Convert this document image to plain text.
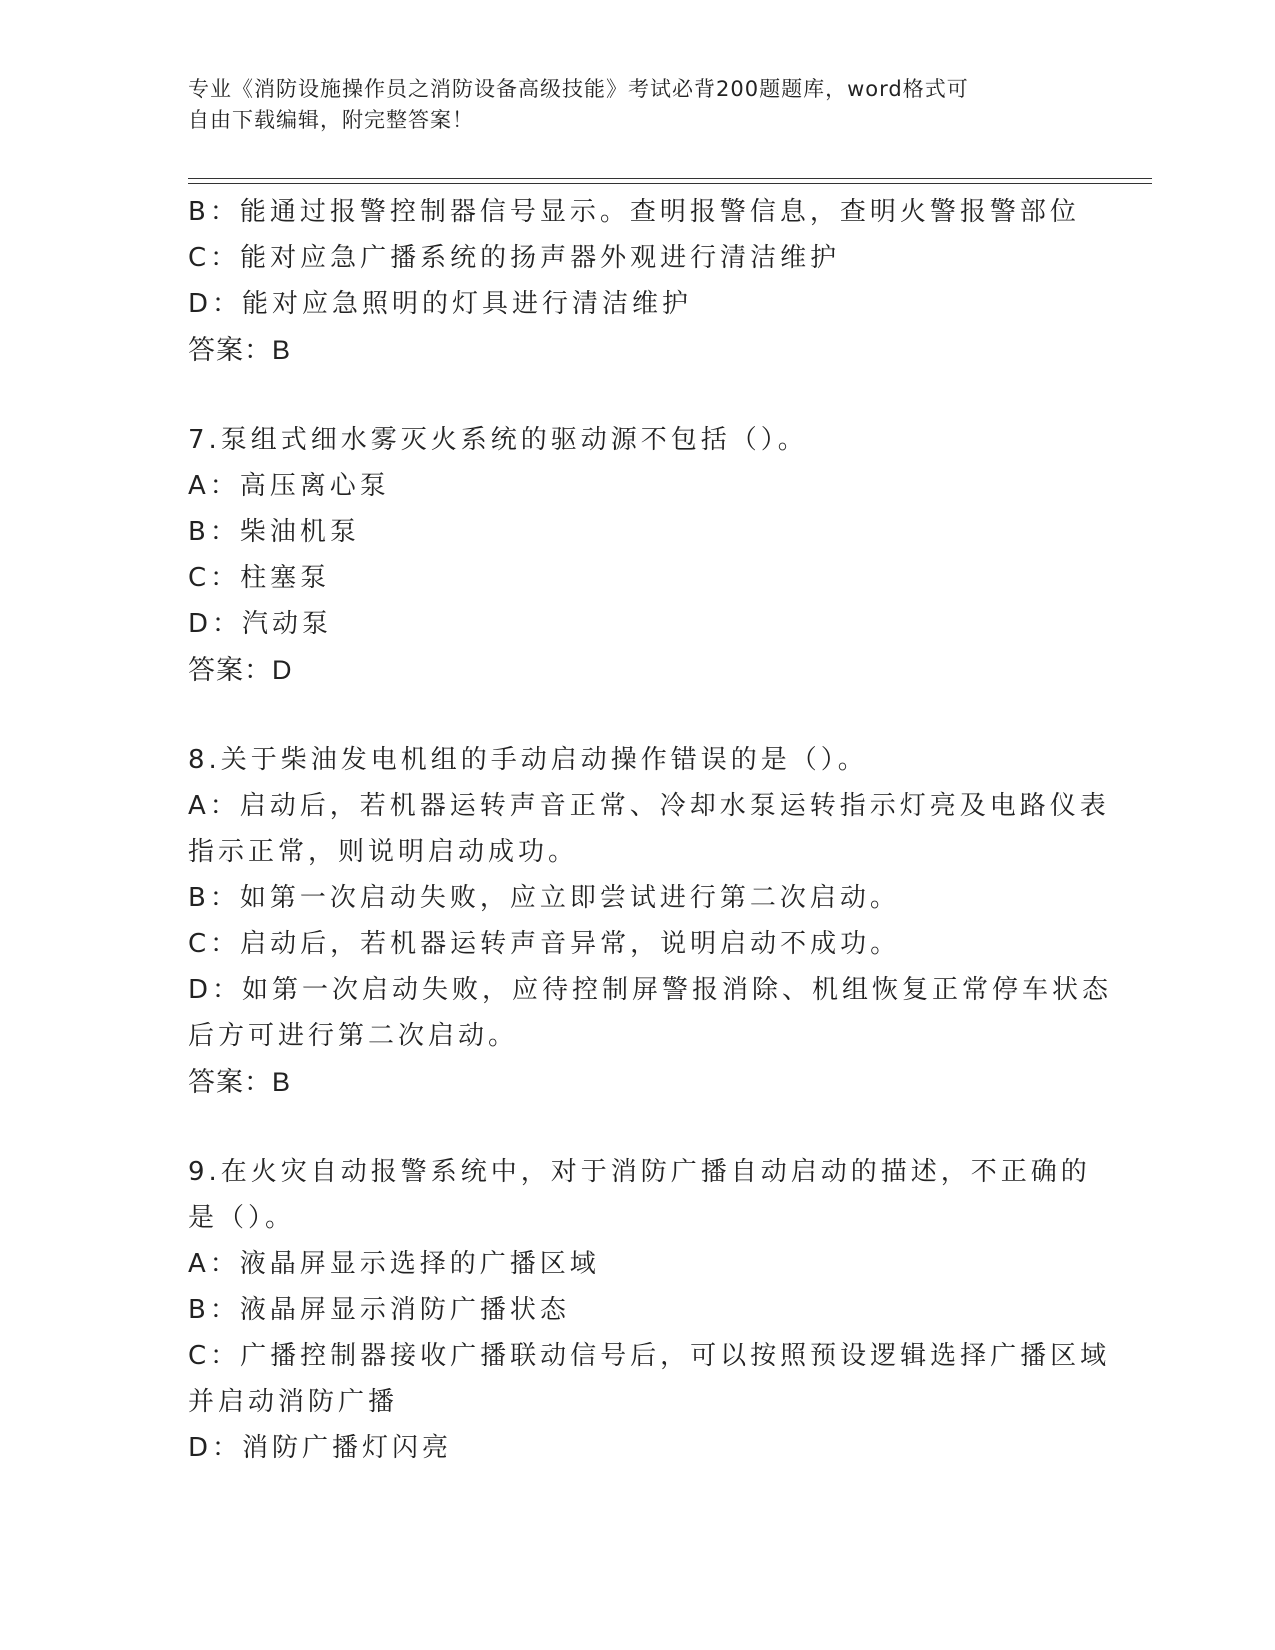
专业《消防设施操作员之消防设备高级技能》考试必背200题题库，word格式可
自由下载编辑，附完整答案！
B：能通过报警控制器信号显示。查明报警信息，查明火警报警部位
C：能对应急广播系统的扬声器外观进行清洁维护
D：能对应急照明的灯具进行清洁维护
答案：B
7.泵组式细水雾灭火系统的驱动源不包括（）。
A：高压离心泵
B：柴油机泵
C：柱塞泵
D：汽动泵
答案：D
8.关于柴油发电机组的手动启动操作错误的是（）。
A：启动后，若机器运转声音正常、冷却水泵运转指示灯亮及电路仪表
指示正常，则说明启动成功。
B：如第一次启动失败，应立即尝试进行第二次启动。
C：启动后，若机器运转声音异常，说明启动不成功。
D：如第一次启动失败，应待控制屏警报消除、机组恢复正常停车状态
后方可进行第二次启动。
答案：B
9.在火灾自动报警系统中，对于消防广播自动启动的描述，不正确的
是（）。
A：液晶屏显示选择的广播区域
B：液晶屏显示消防广播状态
C：广播控制器接收广播联动信号后，可以按照预设逻辑选择广播区域
并启动消防广播
D：消防广播灯闪亮
